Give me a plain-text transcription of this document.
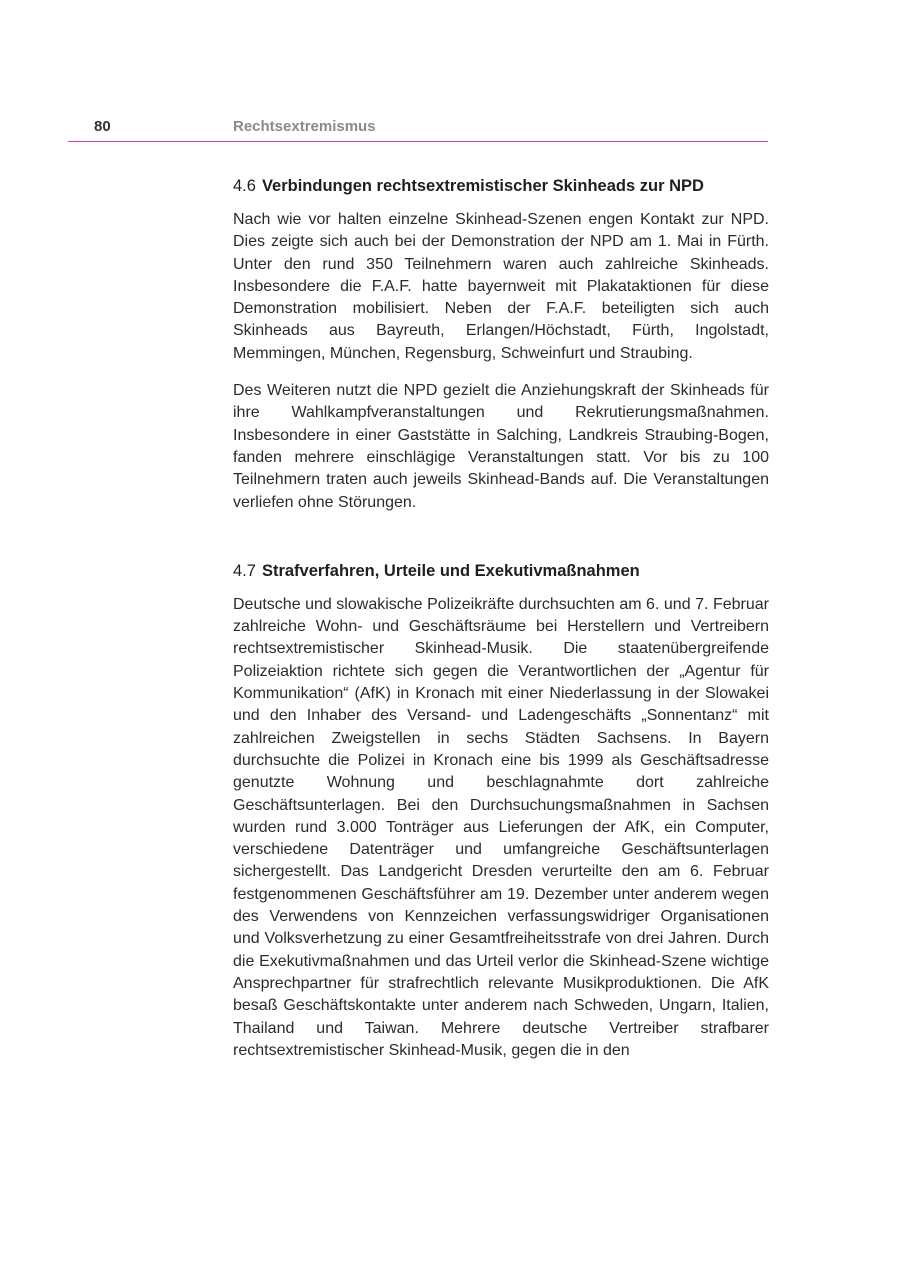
80	Rechtsextremismus
4.6 Verbindungen rechtsextremistischer Skinheads zur NPD

Nach wie vor halten einzelne Skinhead-Szenen engen Kontakt zur NPD. Dies zeigte sich auch bei der Demonstration der NPD am 1. Mai in Fürth. Unter den rund 350 Teilnehmern waren auch zahlreiche Skinheads. Insbesondere die F.A.F. hatte bayernweit mit Plakataktionen für diese Demonstration mobilisiert. Neben der F.A.F. beteiligten sich auch Skinheads aus Bayreuth, Erlangen/Höchstadt, Fürth, Ingolstadt, Memmingen, München, Regensburg, Schweinfurt und Straubing.

Des Weiteren nutzt die NPD gezielt die Anziehungskraft der Skinheads für ihre Wahlkampfveranstaltungen und Rekrutierungsmaßnahmen. Insbesondere in einer Gaststätte in Salching, Landkreis Straubing-Bogen, fanden mehrere einschlägige Veranstaltungen statt. Vor bis zu 100 Teilnehmern traten auch jeweils Skinhead-Bands auf. Die Veranstaltungen verliefen ohne Störungen.

4.7 Strafverfahren, Urteile und Exekutivmaßnahmen

Deutsche und slowakische Polizeikräfte durchsuchten am 6. und 7. Februar zahlreiche Wohn- und Geschäftsräume bei Herstellern und Vertreibern rechtsextremistischer Skinhead-Musik. Die staatenübergreifende Polizeiaktion richtete sich gegen die Verantwortlichen der „Agentur für Kommunikation“ (AfK) in Kronach mit einer Niederlassung in der Slowakei und den Inhaber des Versand- und Ladengeschäfts „Sonnentanz“ mit zahlreichen Zweigstellen in sechs Städten Sachsens. In Bayern durchsuchte die Polizei in Kronach eine bis 1999 als Geschäftsadresse genutzte Wohnung und beschlagnahmte dort zahlreiche Geschäftsunterlagen. Bei den Durchsuchungsmaßnahmen in Sachsen wurden rund 3.000 Tonträger aus Lieferungen der AfK, ein Computer, verschiedene Datenträger und umfangreiche Geschäftsunterlagen sichergestellt. Das Landgericht Dresden verurteilte den am 6. Februar festgenommenen Geschäftsführer am 19. Dezember unter anderem wegen des Verwendens von Kennzeichen verfassungswidriger Organisationen und Volksverhetzung zu einer Gesamtfreiheitsstrafe von drei Jahren. Durch die Exekutivmaßnahmen und das Urteil verlor die Skinhead-Szene wichtige Ansprechpartner für strafrechtlich relevante Musikproduktionen. Die AfK besaß Geschäftskontakte unter anderem nach Schweden, Ungarn, Italien, Thailand und Taiwan. Mehrere deutsche Vertreiber strafbarer rechtsextremistischer Skinhead-Musik, gegen die in den
